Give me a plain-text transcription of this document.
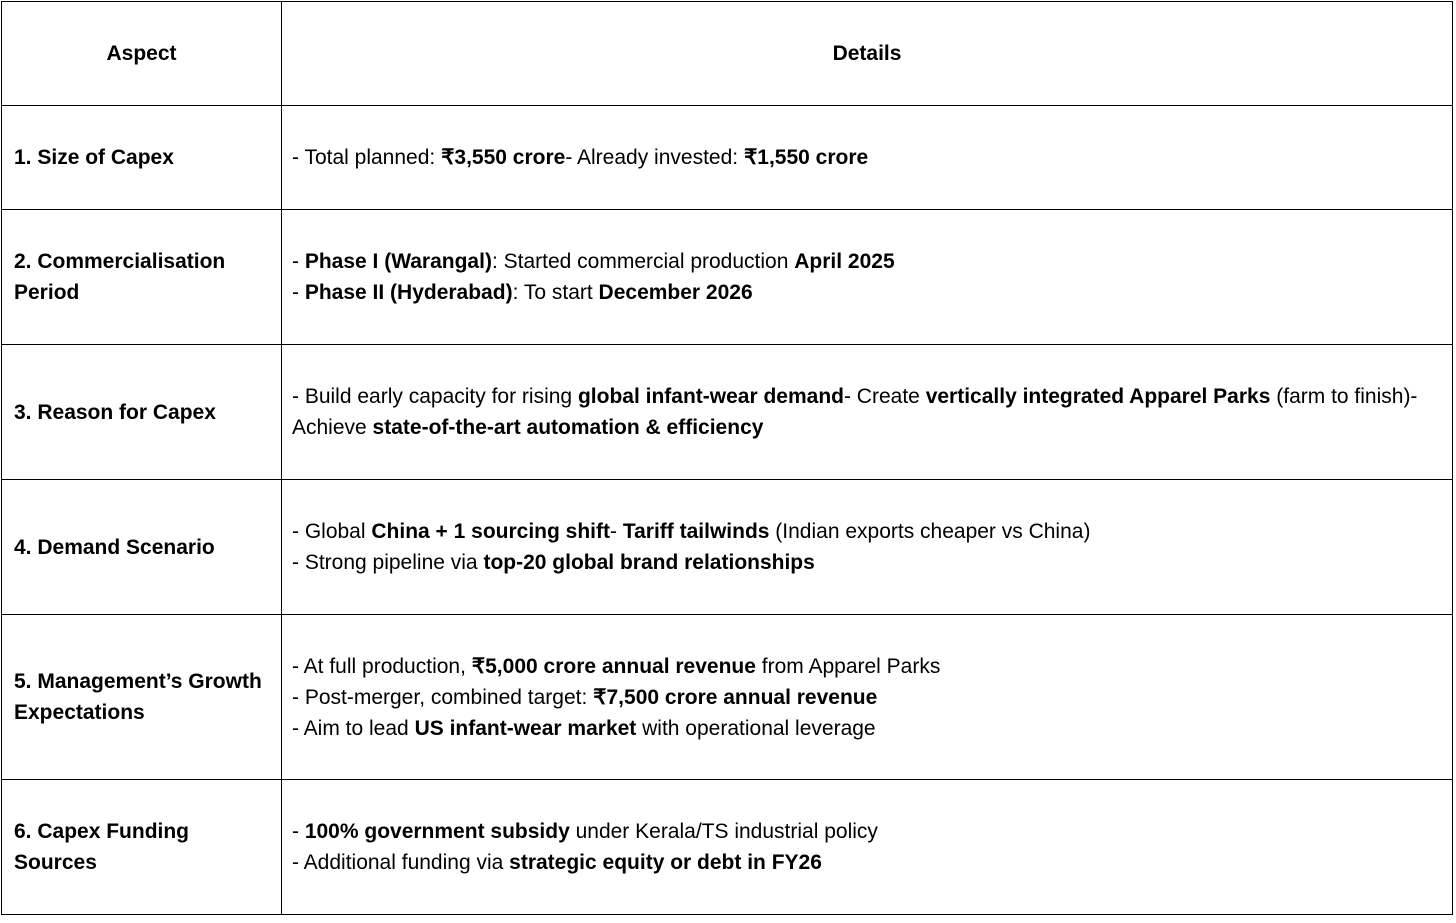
Aspect	Details
1. Size of Capex	- Total planned: ₹3,550 crore- Already invested: ₹1,550 crore

2. Commercialisation Period	- Phase I (Warangal): Started commercial production April 2025
- Phase II (Hyderabad): To start December 2026

3. Reason for Capex	- Build early capacity for rising global infant-wear demand- Create vertically integrated Apparel Parks (farm to finish)- Achieve state-of-the-art automation & efficiency

4. Demand Scenario	- Global China + 1 sourcing shift- Tariff tailwinds (Indian exports cheaper vs China)
- Strong pipeline via top-20 global brand relationships

5. Management’s Growth Expectations	- At full production, ₹5,000 crore annual revenue from Apparel Parks
- Post-merger, combined target: ₹7,500 crore annual revenue
- Aim to lead US infant-wear market with operational leverage

6. Capex Funding Sources	- 100% government subsidy under Kerala/TS industrial policy
- Additional funding via strategic equity or debt in FY26
